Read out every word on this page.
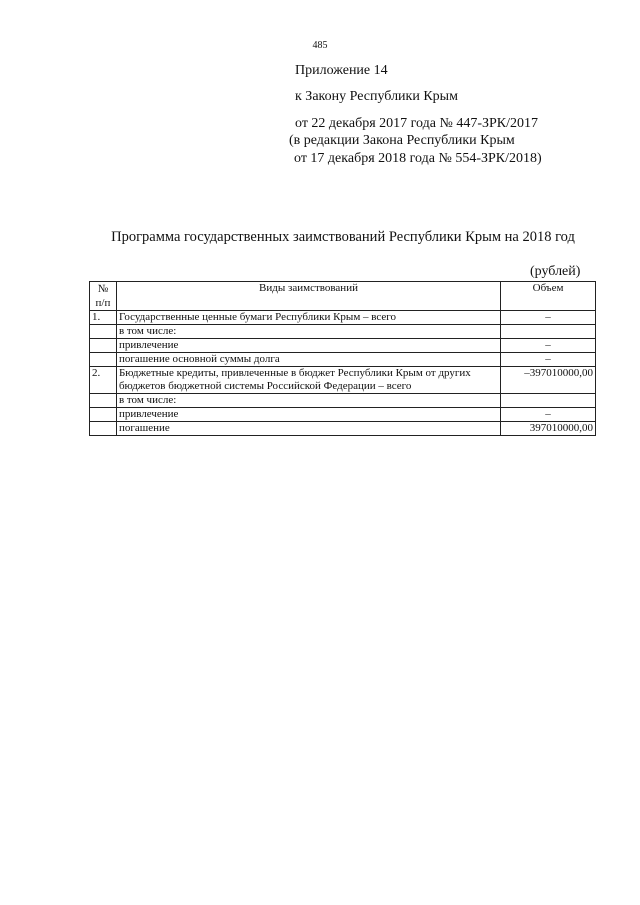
485
Приложение 14
к Закону Республики Крым
от 22 декабря 2017 года № 447-ЗРК/2017
(в редакции Закона Республики Крым
от 17 декабря 2018 года № 554-ЗРК/2018)
Программа государственных заимствований Республики Крым на 2018 год
(рублей)
№ п/п	Виды заимствований	Объем
1.	Государственные ценные бумаги Республики Крым – всего	–
	в том числе:	
	привлечение	–
	погашение основной суммы долга	–
2.	Бюджетные кредиты, привлеченные в бюджет Республики Крым от других бюджетов бюджетной системы Российской Федерации – всего	–397010000,00
	в том числе:	
	привлечение	–
	погашение	397010000,00
